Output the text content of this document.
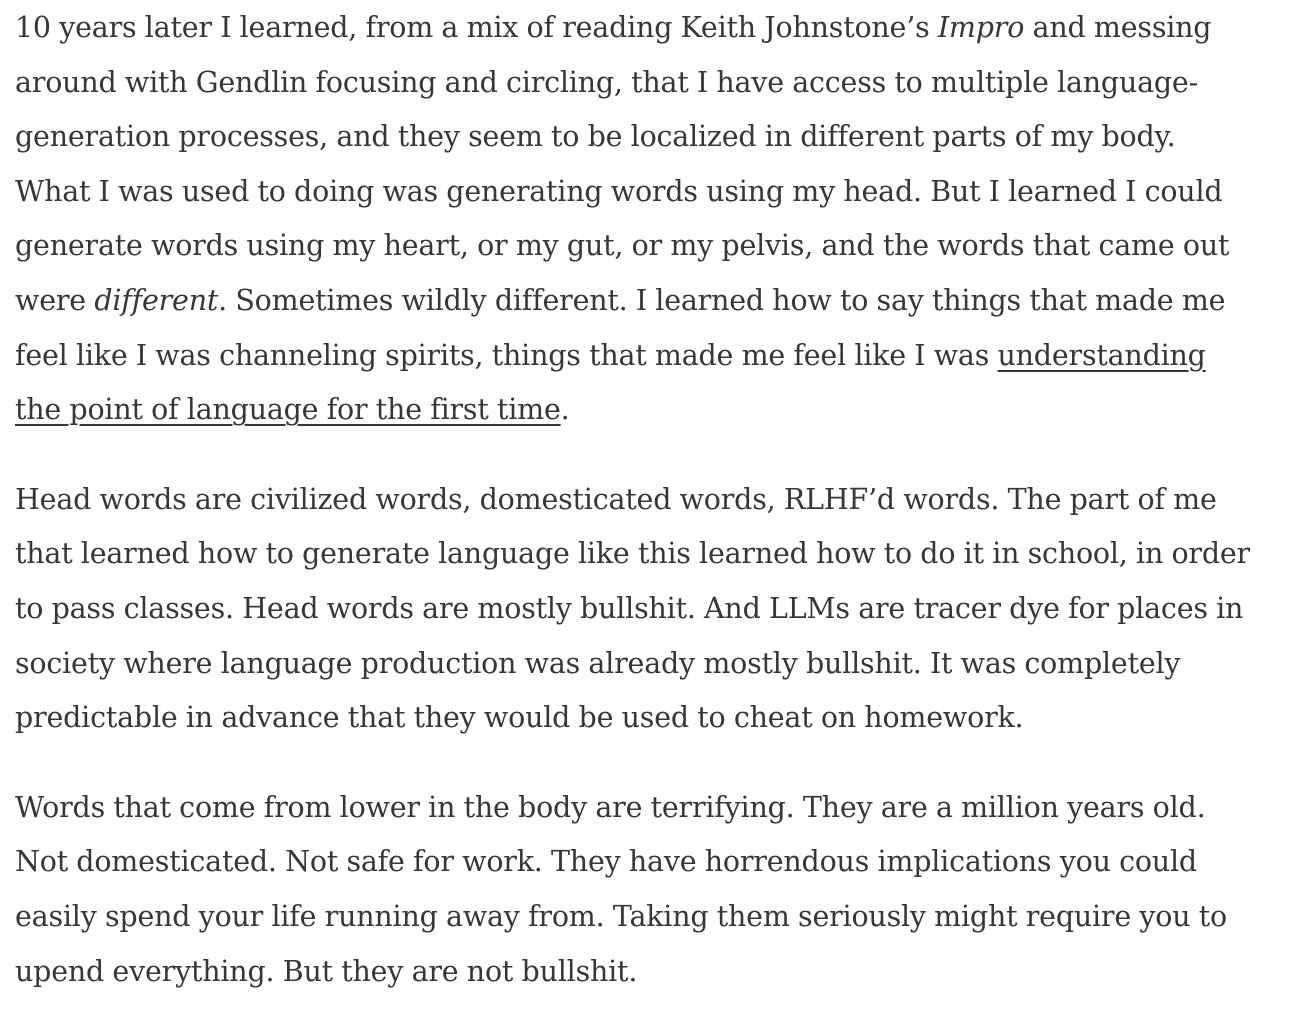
10 years later I learned, from a mix of reading Keith Johnstone’s Impro and messing
around with Gendlin focusing and circling, that I have access to multiple language-
generation processes, and they seem to be localized in different parts of my body.
What I was used to doing was generating words using my head. But I learned I could
generate words using my heart, or my gut, or my pelvis, and the words that came out
were different. Sometimes wildly different. I learned how to say things that made me
feel like I was channeling spirits, things that made me feel like I was understanding
the point of language for the first time.

Head words are civilized words, domesticated words, RLHF’d words. The part of me
that learned how to generate language like this learned how to do it in school, in order
to pass classes. Head words are mostly bullshit. And LLMs are tracer dye for places in
society where language production was already mostly bullshit. It was completely
predictable in advance that they would be used to cheat on homework.

Words that come from lower in the body are terrifying. They are a million years old.
Not domesticated. Not safe for work. They have horrendous implications you could
easily spend your life running away from. Taking them seriously might require you to
upend everything. But they are not bullshit.
